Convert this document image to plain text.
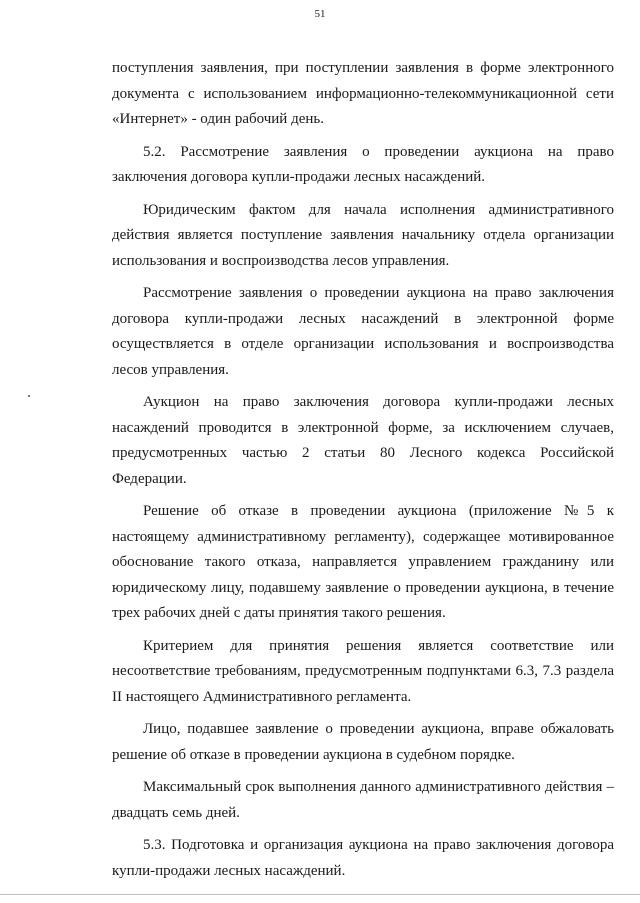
51

поступления заявления, при поступлении заявления в форме электронного документа с использованием информационно-телекоммуникационной сети «Интернет» - один рабочий день.

5.2. Рассмотрение заявления о проведении аукциона на право заключения договора купли-продажи лесных насаждений.

Юридическим фактом для начала исполнения административного действия является поступление заявления начальнику отдела организации использования и воспроизводства лесов управления.

Рассмотрение заявления о проведении аукциона на право заключения договора купли-продажи лесных насаждений в электронной форме осуществляется в отделе организации использования и воспроизводства лесов управления.

Аукцион на право заключения договора купли-продажи лесных насаждений проводится в электронной форме, за исключением случаев, предусмотренных частью 2 статьи 80 Лесного кодекса Российской Федерации.

Решение об отказе в проведении аукциона (приложение №5 к настоящему административному регламенту), содержащее мотивированное обоснование такого отказа, направляется управлением гражданину или юридическому лицу, подавшему заявление о проведении аукциона, в течение трех рабочих дней с даты принятия такого решения.

Критерием для принятия решения является соответствие или несоответствие требованиям, предусмотренным подпунктами 6.3, 7.3 раздела II настоящего Административного регламента.

Лицо, подавшее заявление о проведении аукциона, вправе обжаловать решение об отказе в проведении аукциона в судебном порядке.

Максимальный срок выполнения данного административного действия – двадцать семь дней.

5.3. Подготовка и организация аукциона на право заключения договора купли-продажи лесных насаждений.
